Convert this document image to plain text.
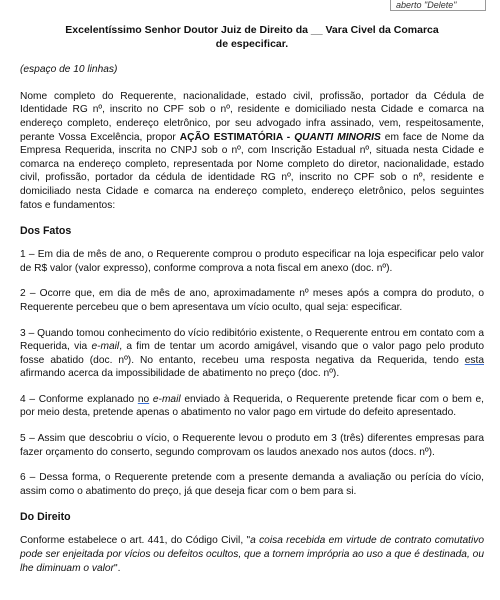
aberto "Delete"
Excelentíssimo Senhor Doutor Juiz de Direito da __ Vara Civel da Comarca
de especificar.

(espaço de 10 linhas)

Nome completo do Requerente, nacionalidade, estado civil, profissão, portador da Cédula de Identidade RG nº, inscrito no CPF sob o nº, residente e domiciliado nesta Cidade e comarca na endereço completo, endereço eletrônico, por seu advogado infra assinado, vem, respeitosamente, perante Vossa Excelência, propor AÇÃO ESTIMATÓRIA - QUANTI MINORIS em face de Nome da Empresa Requerida, inscrita no CNPJ sob o nº, com Inscrição Estadual nº, situada nesta Cidade e comarca na endereço completo, representada por Nome completo do diretor, nacionalidade, estado civil, profissão, portador da cédula de identidade RG nº, inscrito no CPF sob o nº, residente e domiciliado nesta Cidade e comarca na endereço completo, endereço eletrônico, pelos seguintes fatos e fundamentos:

Dos Fatos

1 – Em dia de mês de ano, o Requerente comprou o produto especificar na loja especificar pelo valor de R$ valor (valor expresso), conforme comprova a nota fiscal em anexo (doc. nº).

2 – Ocorre que, em dia de mês de ano, aproximadamente nº meses após a compra do produto, o Requerente percebeu que o bem apresentava um vício oculto, qual seja: especificar.

3 – Quando tomou conhecimento do vício redibitório existente, o Requerente entrou em contato com a Requerida, via e-mail, a fim de tentar um acordo amigável, visando que o valor pago pelo produto fosse abatido (doc. nº). No entanto, recebeu uma resposta negativa da Requerida, tendo esta afirmando acerca da impossibilidade de abatimento no preço (doc. nº).

4 – Conforme explanado no e-mail enviado à Requerida, o Requerente pretende ficar com o bem e, por meio desta, pretende apenas o abatimento no valor pago em virtude do defeito apresentado.

5 – Assim que descobriu o vício, o Requerente levou o produto em 3 (três) diferentes empresas para fazer orçamento do conserto, segundo comprovam os laudos anexado nos autos (docs. nº).

6 – Dessa forma, o Requerente pretende com a presente demanda a avaliação ou perícia do vício, assim como o abatimento do preço, já que deseja ficar com o bem para si.

Do Direito

Conforme estabelece o art. 441, do Código Civil, "a coisa recebida em virtude de contrato comutativo pode ser enjeitada por vícios ou defeitos ocultos, que a tornem imprópria ao uso a que é destinada, ou lhe diminuam o valor".
